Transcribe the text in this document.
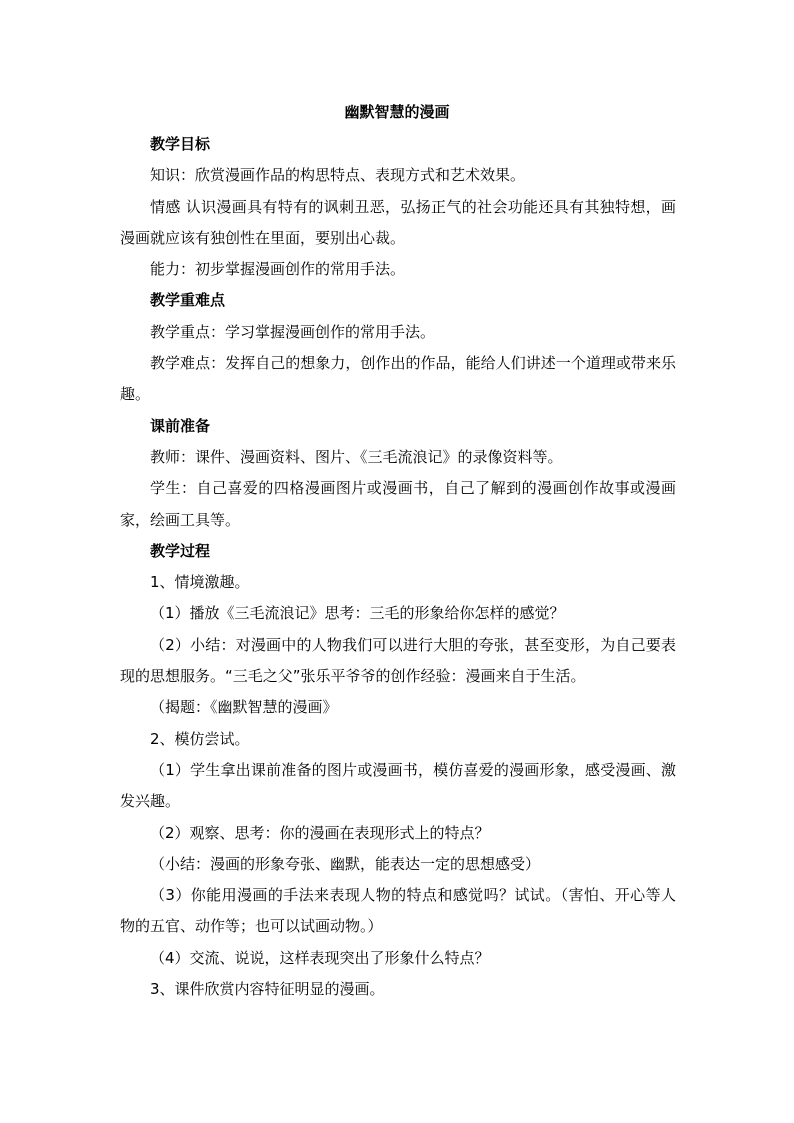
幽默智慧的漫画

教学目标

知识：欣赏漫画作品的构思特点、表现方式和艺术效果。

情感 认识漫画具有特有的讽刺丑恶，弘扬正气的社会功能还具有其独特想，画漫画就应该有独创性在里面，要别出心裁。

能力：初步掌握漫画创作的常用手法。

教学重难点

教学重点：学习掌握漫画创作的常用手法。

教学难点：发挥自己的想象力，创作出的作品，能给人们讲述一个道理或带来乐趣。

课前准备

教师：课件、漫画资料、图片、《三毛流浪记》的录像资料等。

学生：自己喜爱的四格漫画图片或漫画书，自己了解到的漫画创作故事或漫画家，绘画工具等。

教学过程

1、情境激趣。

（1）播放《三毛流浪记》思考：三毛的形象给你怎样的感觉？

（2）小结：对漫画中的人物我们可以进行大胆的夸张，甚至变形，为自己要表现的思想服务。“三毛之父”张乐平爷爷的创作经验：漫画来自于生活。

（揭题：《幽默智慧的漫画》

2、模仿尝试。

（1）学生拿出课前准备的图片或漫画书，模仿喜爱的漫画形象，感受漫画、激发兴趣。

（2）观察、思考：你的漫画在表现形式上的特点？

（小结：漫画的形象夸张、幽默，能表达一定的思想感受）

（3）你能用漫画的手法来表现人物的特点和感觉吗？试试。（害怕、开心等人物的五官、动作等；也可以试画动物。）

（4）交流、说说，这样表现突出了形象什么特点？

3、课件欣赏内容特征明显的漫画。
